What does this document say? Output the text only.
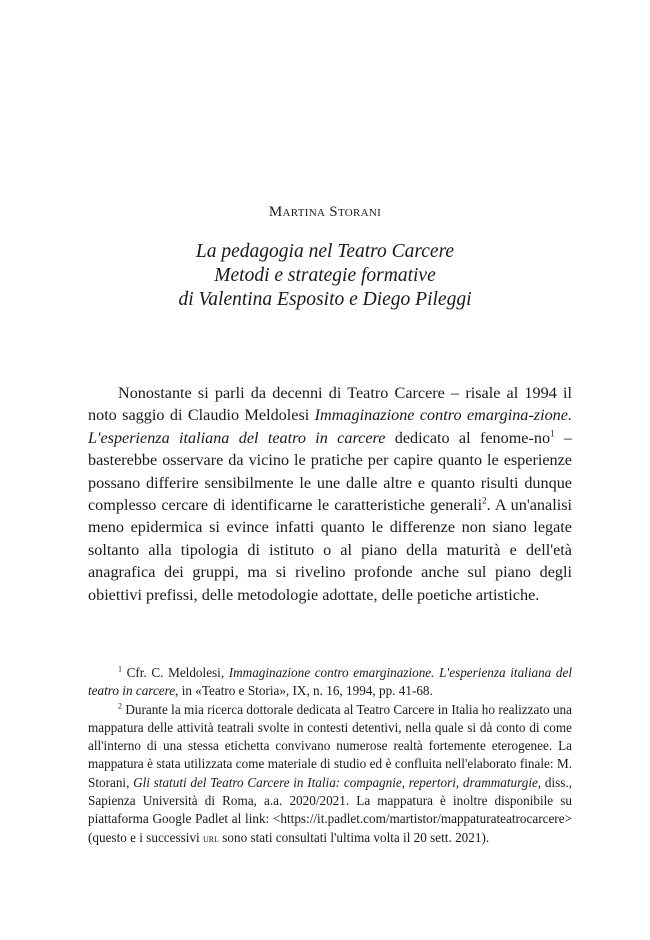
Martina Storani
La pedagogia nel Teatro Carcere
Metodi e strategie formative
di Valentina Esposito e Diego Pileggi

Nonostante si parli da decenni di Teatro Carcere – risale al 1994 il noto saggio di Claudio Meldolesi Immaginazione contro emargina-zione. L'esperienza italiana del teatro in carcere dedicato al fenome-$no^1$ – basterebbe osservare da vicino le pratiche per capire quanto le esperienze possano differire sensibilmente le une dalle altre e quanto risulti dunque complesso cercare di identificarne le caratteristiche generali$^2$. A un'analisi meno epidermica si evince infatti quanto le differenze non siano legate soltanto alla tipologia di istituto o al piano della maturità e dell'età anagrafica dei gruppi, ma si rivelino profonde anche sul piano degli obiettivi prefissi, delle metodologie adottate, delle poetiche artistiche.

$^1$ Cfr. C. Meldolesi, Immaginazione contro emarginazione. L'esperienza italiana del teatro in carcere, in «Teatro e Storia», IX, n. 16, 1994, pp. 41-68.

$^2$ Durante la mia ricerca dottorale dedicata al Teatro Carcere in Italia ho realizzato una mappatura delle attività teatrali svolte in contesti detentivi, nella quale si dà conto di come all'interno di una stessa etichetta convivano numerose realtà fortemente eterogenee. La mappatura è stata utilizzata come materiale di studio ed è confluita nell'elaborato finale: M. Storani, Gli statuti del Teatro Carcere in Italia: compagnie, repertori, drammaturgie, diss., Sapienza Università di Roma, a.a. 2020/2021. La mappatura è inoltre disponibile su piattaforma Google Padlet al link: <https://it.padlet.com/martistor/mappaturateatrocarcere> (questo e i successivi url sono stati consultati l'ultima volta il 20 sett. 2021).
